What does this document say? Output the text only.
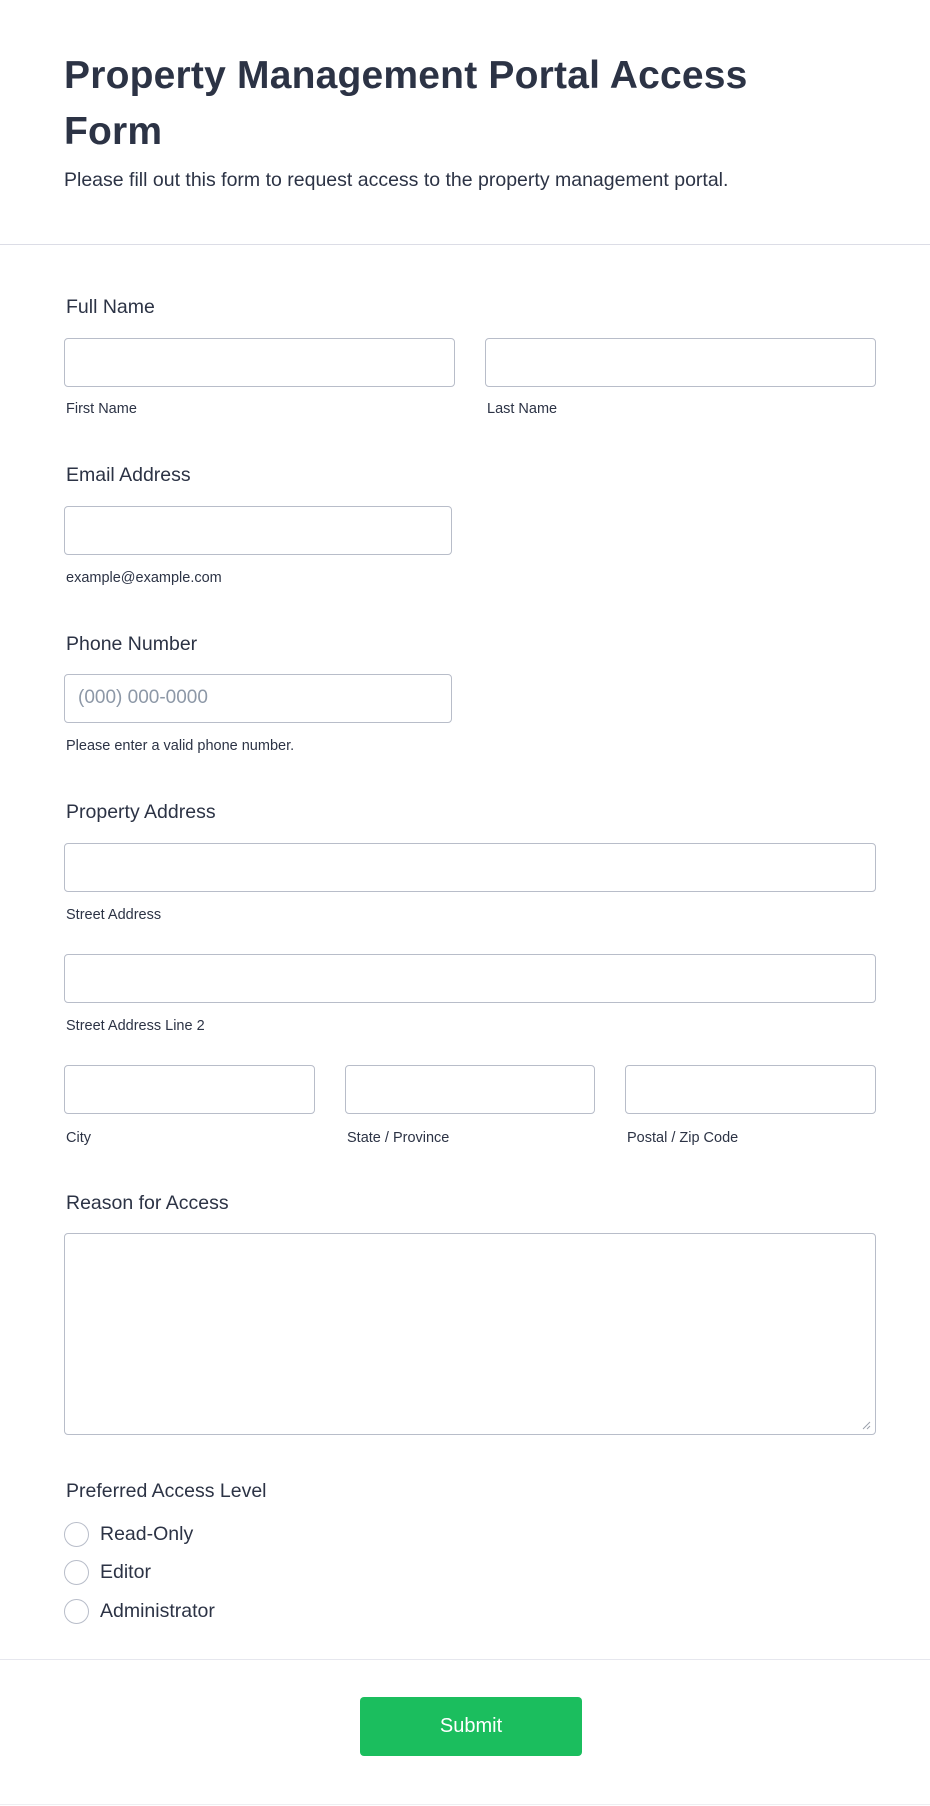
Property Management Portal Access Form

Please fill out this form to request access to the property management portal.

Full Name
First Name	Last Name
Email Address
example@example.com
Phone Number
(000) 000-0000
Please enter a valid phone number.
Property Address
Street Address
Street Address Line 2
City	State / Province	Postal / Zip Code
Reason for Access
Preferred Access Level
Read-Only
Editor
Administrator
Submit
